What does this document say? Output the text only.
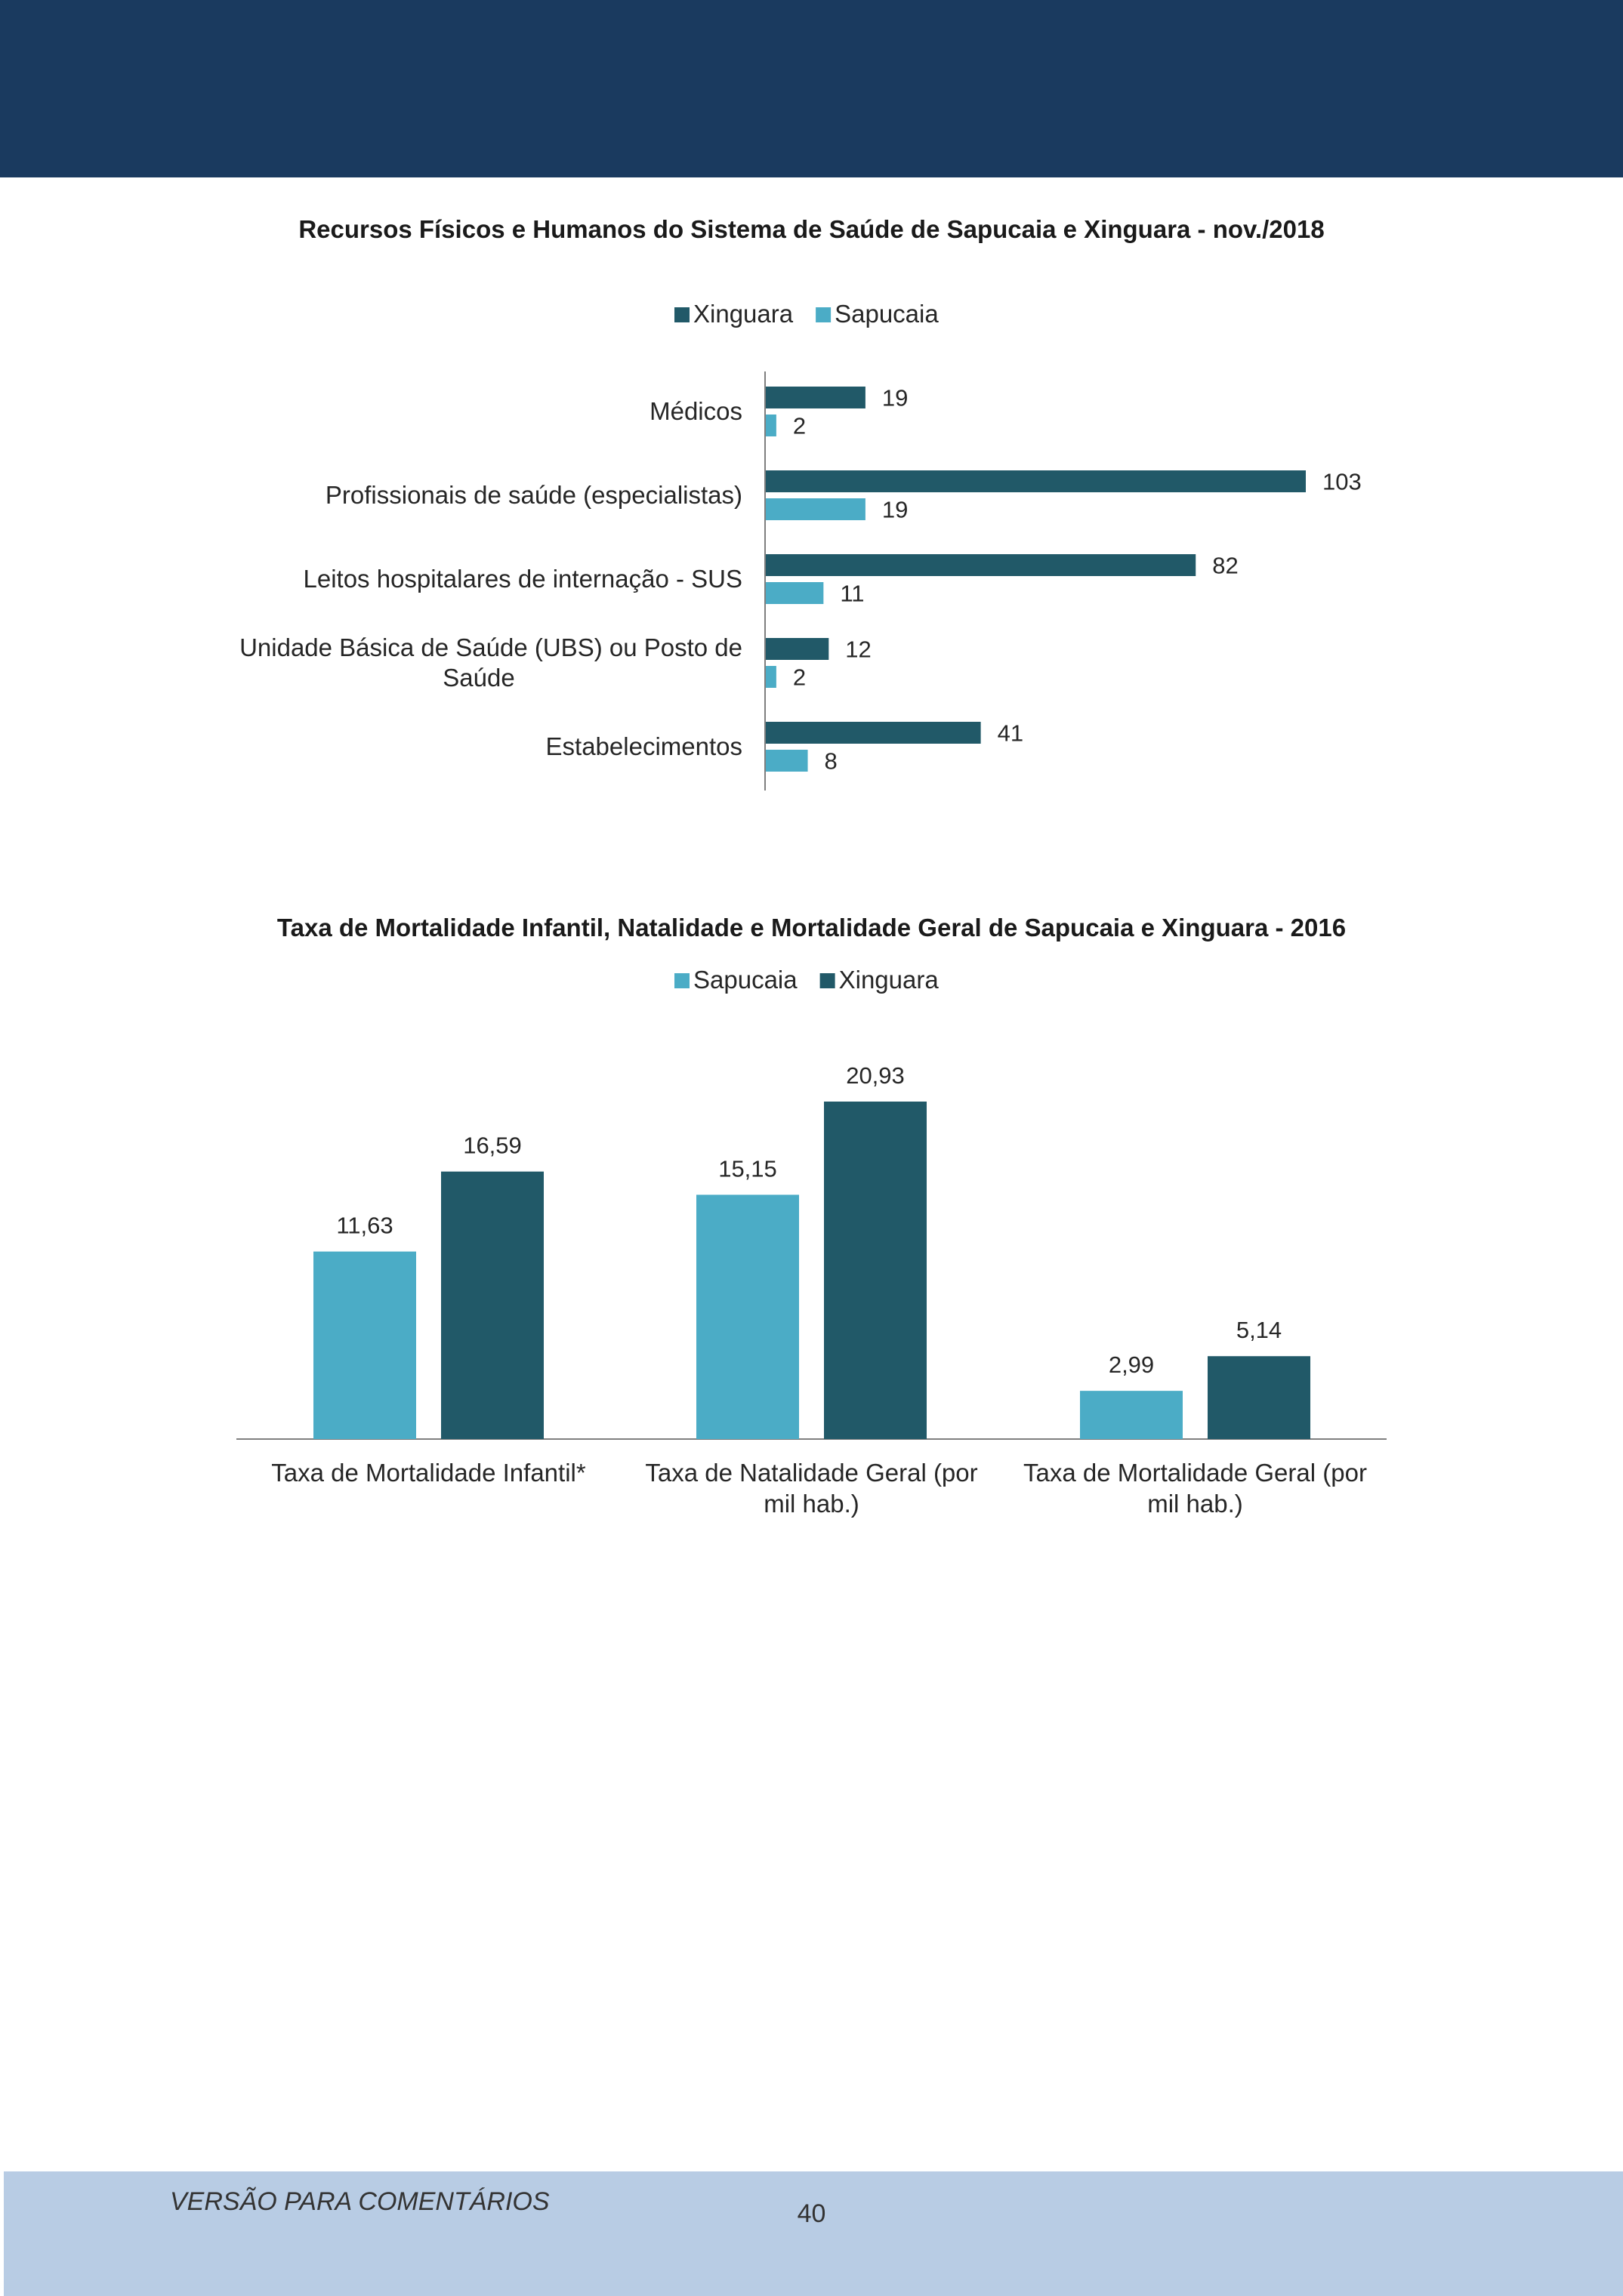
Recursos Físicos e Humanos do Sistema de Saúde de Sapucaia e Xinguara - nov./2018
Taxa de Mortalidade Infantil, Natalidade e Mortalidade Geral de Sapucaia e Xinguara - 2016
Xinguara Sapucaia
19
2
Médicos
103
19
Profissionais de saúde (especialistas)
82
11
Leitos hospitalares de internação - SUS
12
2
Unidade Básica de Saúde (UBS) ou Posto de
Saúde
41
8
Estabelecimentos
Sapucaia Xinguara
11,63
16,59
Taxa de Mortalidade Infantil*
15,15
20,93
Taxa de Natalidade Geral (por
mil hab.)
2,99
5,14
Taxa de Mortalidade Geral (por
mil hab.)
VERSÃO PARA COMENTÁRIOS	40
